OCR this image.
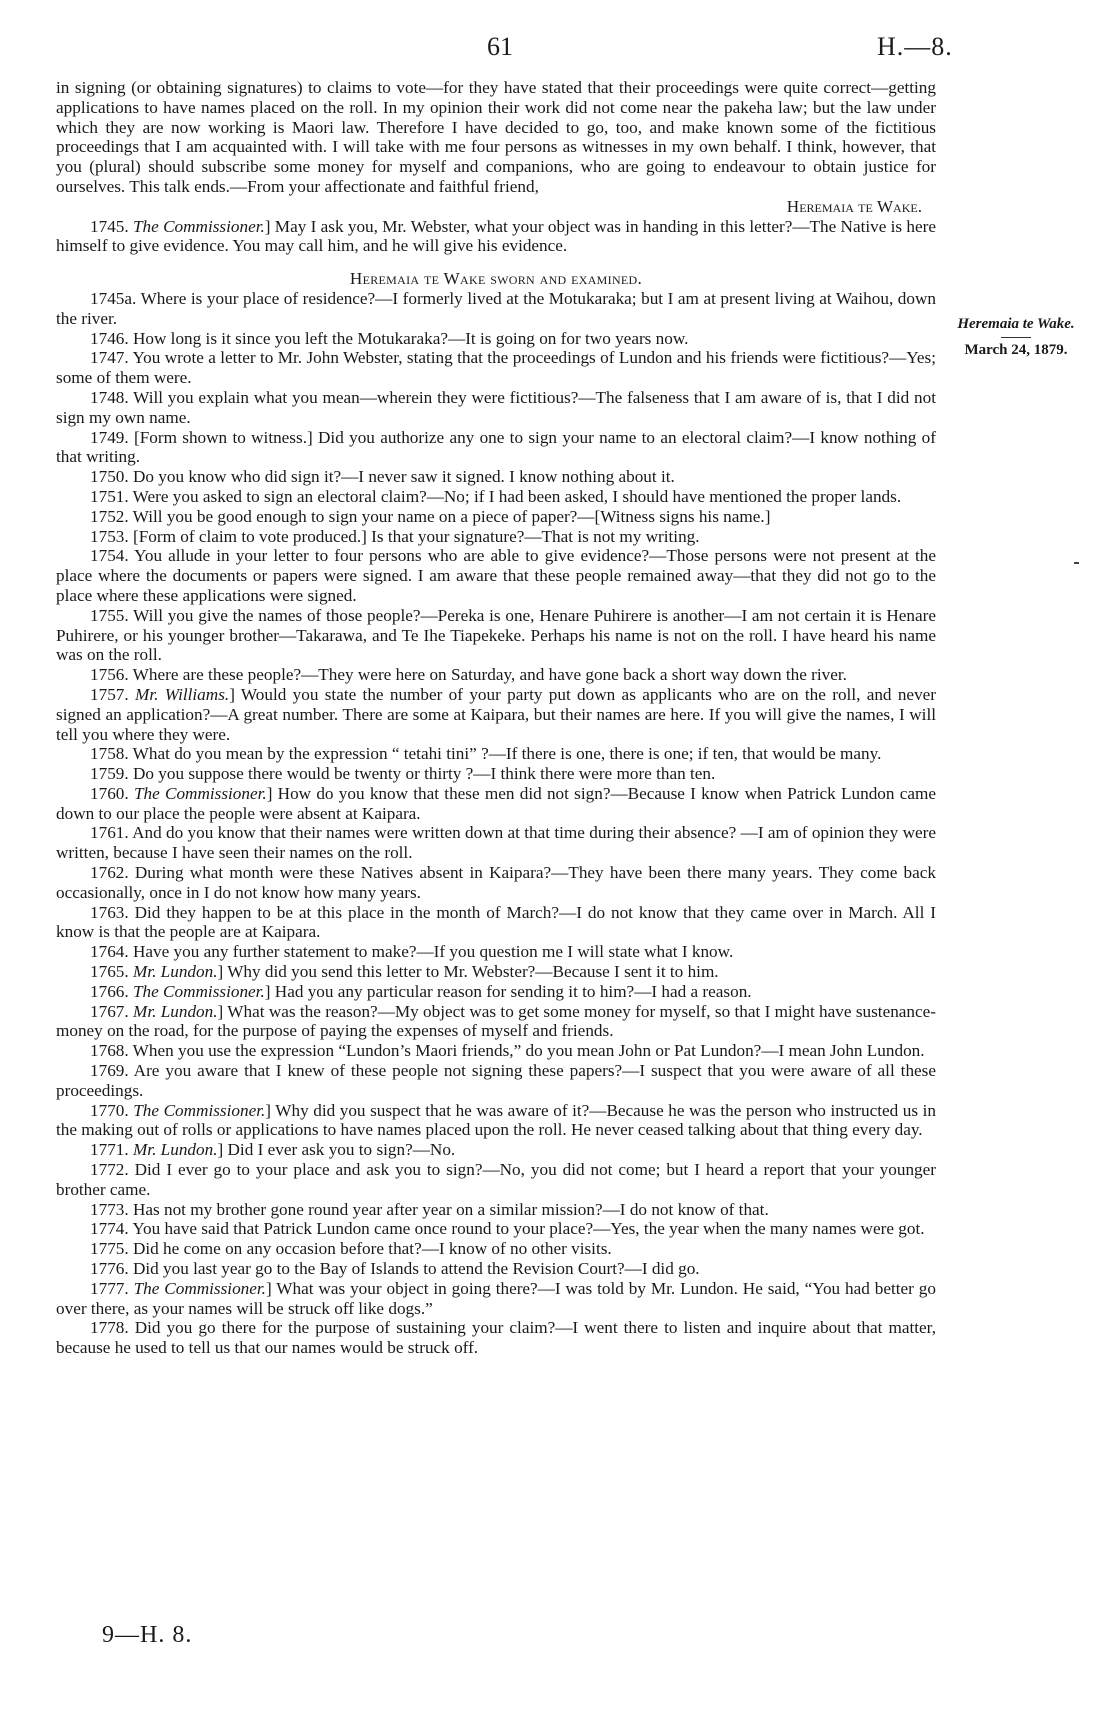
61	H.—8.

in signing (or obtaining signatures) to claims to vote—for they have stated that their proceedings were quite correct—getting applications to have names placed on the roll. In my opinion their work did not come near the pakeha law; but the law under which they are now working is Maori law. Therefore I have decided to go, too, and make known some of the fictitious proceedings that I am acquainted with. I will take with me four persons as witnesses in my own behalf. I think, however, that you (plural) should subscribe some money for myself and companions, who are going to endeavour to obtain justice for ourselves. This talk ends.—From your affectionate and faithful friend,

Heremaia te Wake.

1745. The Commissioner.] May I ask you, Mr. Webster, what your object was in handing in this letter?—The Native is here himself to give evidence. You may call him, and he will give his evidence.

Heremaia te Wake sworn and examined.

1745a. Where is your place of residence?—I formerly lived at the Motukaraka; but I am at present living at Waihou, down the river.

1746. How long is it since you left the Motukaraka?—It is going on for two years now.

1747. You wrote a letter to Mr. John Webster, stating that the proceedings of Lundon and his friends were fictitious?—Yes; some of them were.

1748. Will you explain what you mean—wherein they were fictitious?—The falseness that I am aware of is, that I did not sign my own name.

1749. [Form shown to witness.] Did you authorize any one to sign your name to an electoral claim?—I know nothing of that writing.

1750. Do you know who did sign it?—I never saw it signed. I know nothing about it.

1751. Were you asked to sign an electoral claim?—No; if I had been asked, I should have mentioned the proper lands.

1752. Will you be good enough to sign your name on a piece of paper?—[Witness signs his name.]

1753. [Form of claim to vote produced.] Is that your signature?—That is not my writing.

1754. You allude in your letter to four persons who are able to give evidence?—Those persons were not present at the place where the documents or papers were signed. I am aware that these people remained away—that they did not go to the place where these applications were signed.

1755. Will you give the names of those people?—Pereka is one, Henare Puhirere is another—I am not certain it is Henare Puhirere, or his younger brother—Takarawa, and Te Ihe Tiapekeke. Perhaps his name is not on the roll. I have heard his name was on the roll.

1756. Where are these people?—They were here on Saturday, and have gone back a short way down the river.

1757. Mr. Williams.] Would you state the number of your party put down as applicants who are on the roll, and never signed an application?—A great number. There are some at Kaipara, but their names are here. If you will give the names, I will tell you where they were.

1758. What do you mean by the expression “ tetahi tini” ?—If there is one, there is one; if ten, that would be many.

1759. Do you suppose there would be twenty or thirty ?—I think there were more than ten.

1760. The Commissioner.] How do you know that these men did not sign?—Because I know when Patrick Lundon came down to our place the people were absent at Kaipara.

1761. And do you know that their names were written down at that time during their absence? —I am of opinion they were written, because I have seen their names on the roll.

1762. During what month were these Natives absent in Kaipara?—They have been there many years. They come back occasionally, once in I do not know how many years.

1763. Did they happen to be at this place in the month of March?—I do not know that they came over in March. All I know is that the people are at Kaipara.

1764. Have you any further statement to make?—If you question me I will state what I know.

1765. Mr. Lundon.] Why did you send this letter to Mr. Webster?—Because I sent it to him.

1766. The Commissioner.] Had you any particular reason for sending it to him?—I had a reason.

1767. Mr. Lundon.] What was the reason?—My object was to get some money for myself, so that I might have sustenance-money on the road, for the purpose of paying the expenses of myself and friends.

1768. When you use the expression “Lundon’s Maori friends,” do you mean John or Pat Lundon?—I mean John Lundon.

1769. Are you aware that I knew of these people not signing these papers?—I suspect that you were aware of all these proceedings.

1770. The Commissioner.] Why did you suspect that he was aware of it?—Because he was the person who instructed us in the making out of rolls or applications to have names placed upon the roll. He never ceased talking about that thing every day.

1771. Mr. Lundon.] Did I ever ask you to sign?—No.

1772. Did I ever go to your place and ask you to sign?—No, you did not come; but I heard a report that your younger brother came.

1773. Has not my brother gone round year after year on a similar mission?—I do not know of that.

1774. You have said that Patrick Lundon came once round to your place?—Yes, the year when the many names were got.

1775. Did he come on any occasion before that?—I know of no other visits.

1776. Did you last year go to the Bay of Islands to attend the Revision Court?—I did go.

1777. The Commissioner.] What was your object in going there?—I was told by Mr. Lundon. He said, “You had better go over there, as your names will be struck off like dogs.”

1778. Did you go there for the purpose of sustaining your claim?—I went there to listen and inquire about that matter, because he used to tell us that our names would be struck off.

Heremaia te Wake.
March 24, 1879.
9—H. 8.
